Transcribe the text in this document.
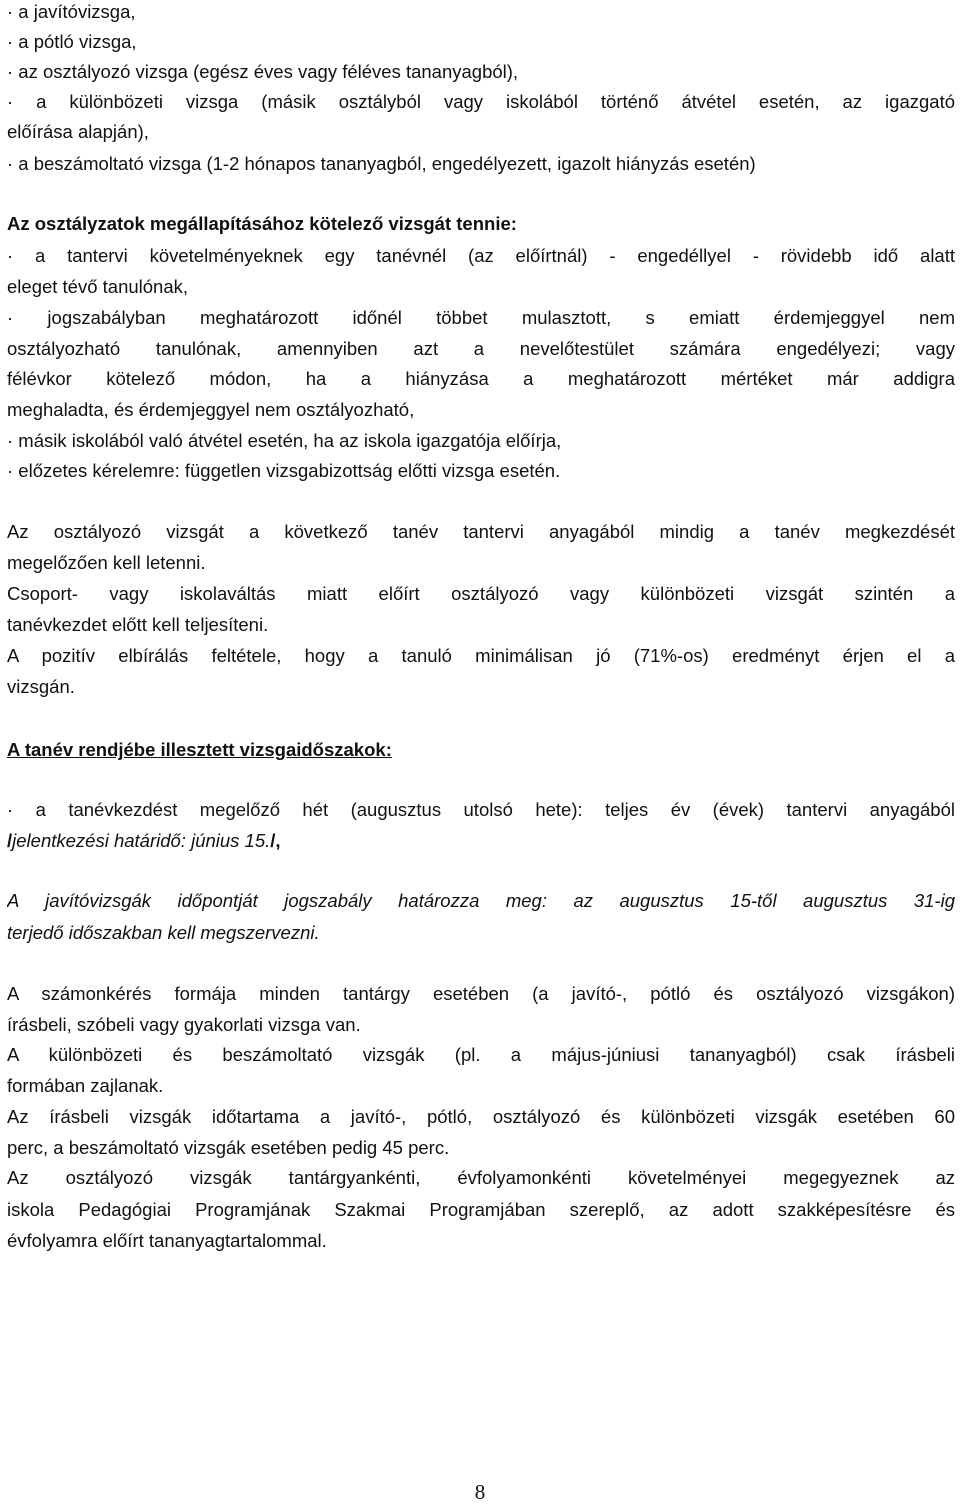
· a javítóvizsga,
· a pótló vizsga,
· az osztályozó vizsga (egész éves vagy féléves tananyagból),
· a különbözeti vizsga (másik osztályból vagy iskolából történő átvétel esetén, az igazgató
előírása alapján),
· a beszámoltató vizsga (1-2 hónapos tananyagból, engedélyezett, igazolt hiányzás esetén)
Az osztályzatok megállapításához kötelező vizsgát tennie:
· a tantervi követelményeknek egy tanévnél (az előírtnál) - engedéllyel - rövidebb idő alatt
eleget tévő tanulónak,
· jogszabályban meghatározott időnél többet mulasztott, s emiatt érdemjeggyel nem
osztályozható tanulónak, amennyiben azt a nevelőtestület számára engedélyezi; vagy
félévkor kötelező módon, ha a hiányzása a meghatározott mértéket már addigra
meghaladta, és érdemjeggyel nem osztályozható,
· másik iskolából való átvétel esetén, ha az iskola igazgatója előírja,
· előzetes kérelemre: független vizsgabizottság előtti vizsga esetén.
Az osztályozó vizsgát a következő tanév tantervi anyagából mindig a tanév megkezdését
megelőzően kell letenni.
Csoport- vagy iskolaváltás miatt előírt osztályozó vagy különbözeti vizsgát szintén a
tanévkezdet előtt kell teljesíteni.
A pozitív elbírálás feltétele, hogy a tanuló minimálisan jó (71%-os) eredményt érjen el a
vizsgán.
A tanév rendjébe illesztett vizsgaidőszakok:
· a tanévkezdést megelőző hét (augusztus utolsó hete): teljes év (évek) tantervi anyagából
/jelentkezési határidő: június 15./,
A javítóvizsgák időpontját jogszabály határozza meg: az augusztus 15-től augusztus 31-ig
terjedő időszakban kell megszervezni.
A számonkérés formája minden tantárgy esetében (a javító-, pótló és osztályozó vizsgákon)
írásbeli, szóbeli vagy gyakorlati vizsga van.
A különbözeti és beszámoltató vizsgák (pl. a május-júniusi tananyagból) csak írásbeli
formában zajlanak.
Az írásbeli vizsgák időtartama a javító-, pótló, osztályozó és különbözeti vizsgák esetében 60
perc, a beszámoltató vizsgák esetében pedig 45 perc.
Az osztályozó vizsgák tantárgyankénti, évfolyamonkénti követelményei megegyeznek az
iskola Pedagógiai Programjának Szakmai Programjában szereplő, az adott szakképesítésre és
évfolyamra előírt tananyagtartalommal.
8
